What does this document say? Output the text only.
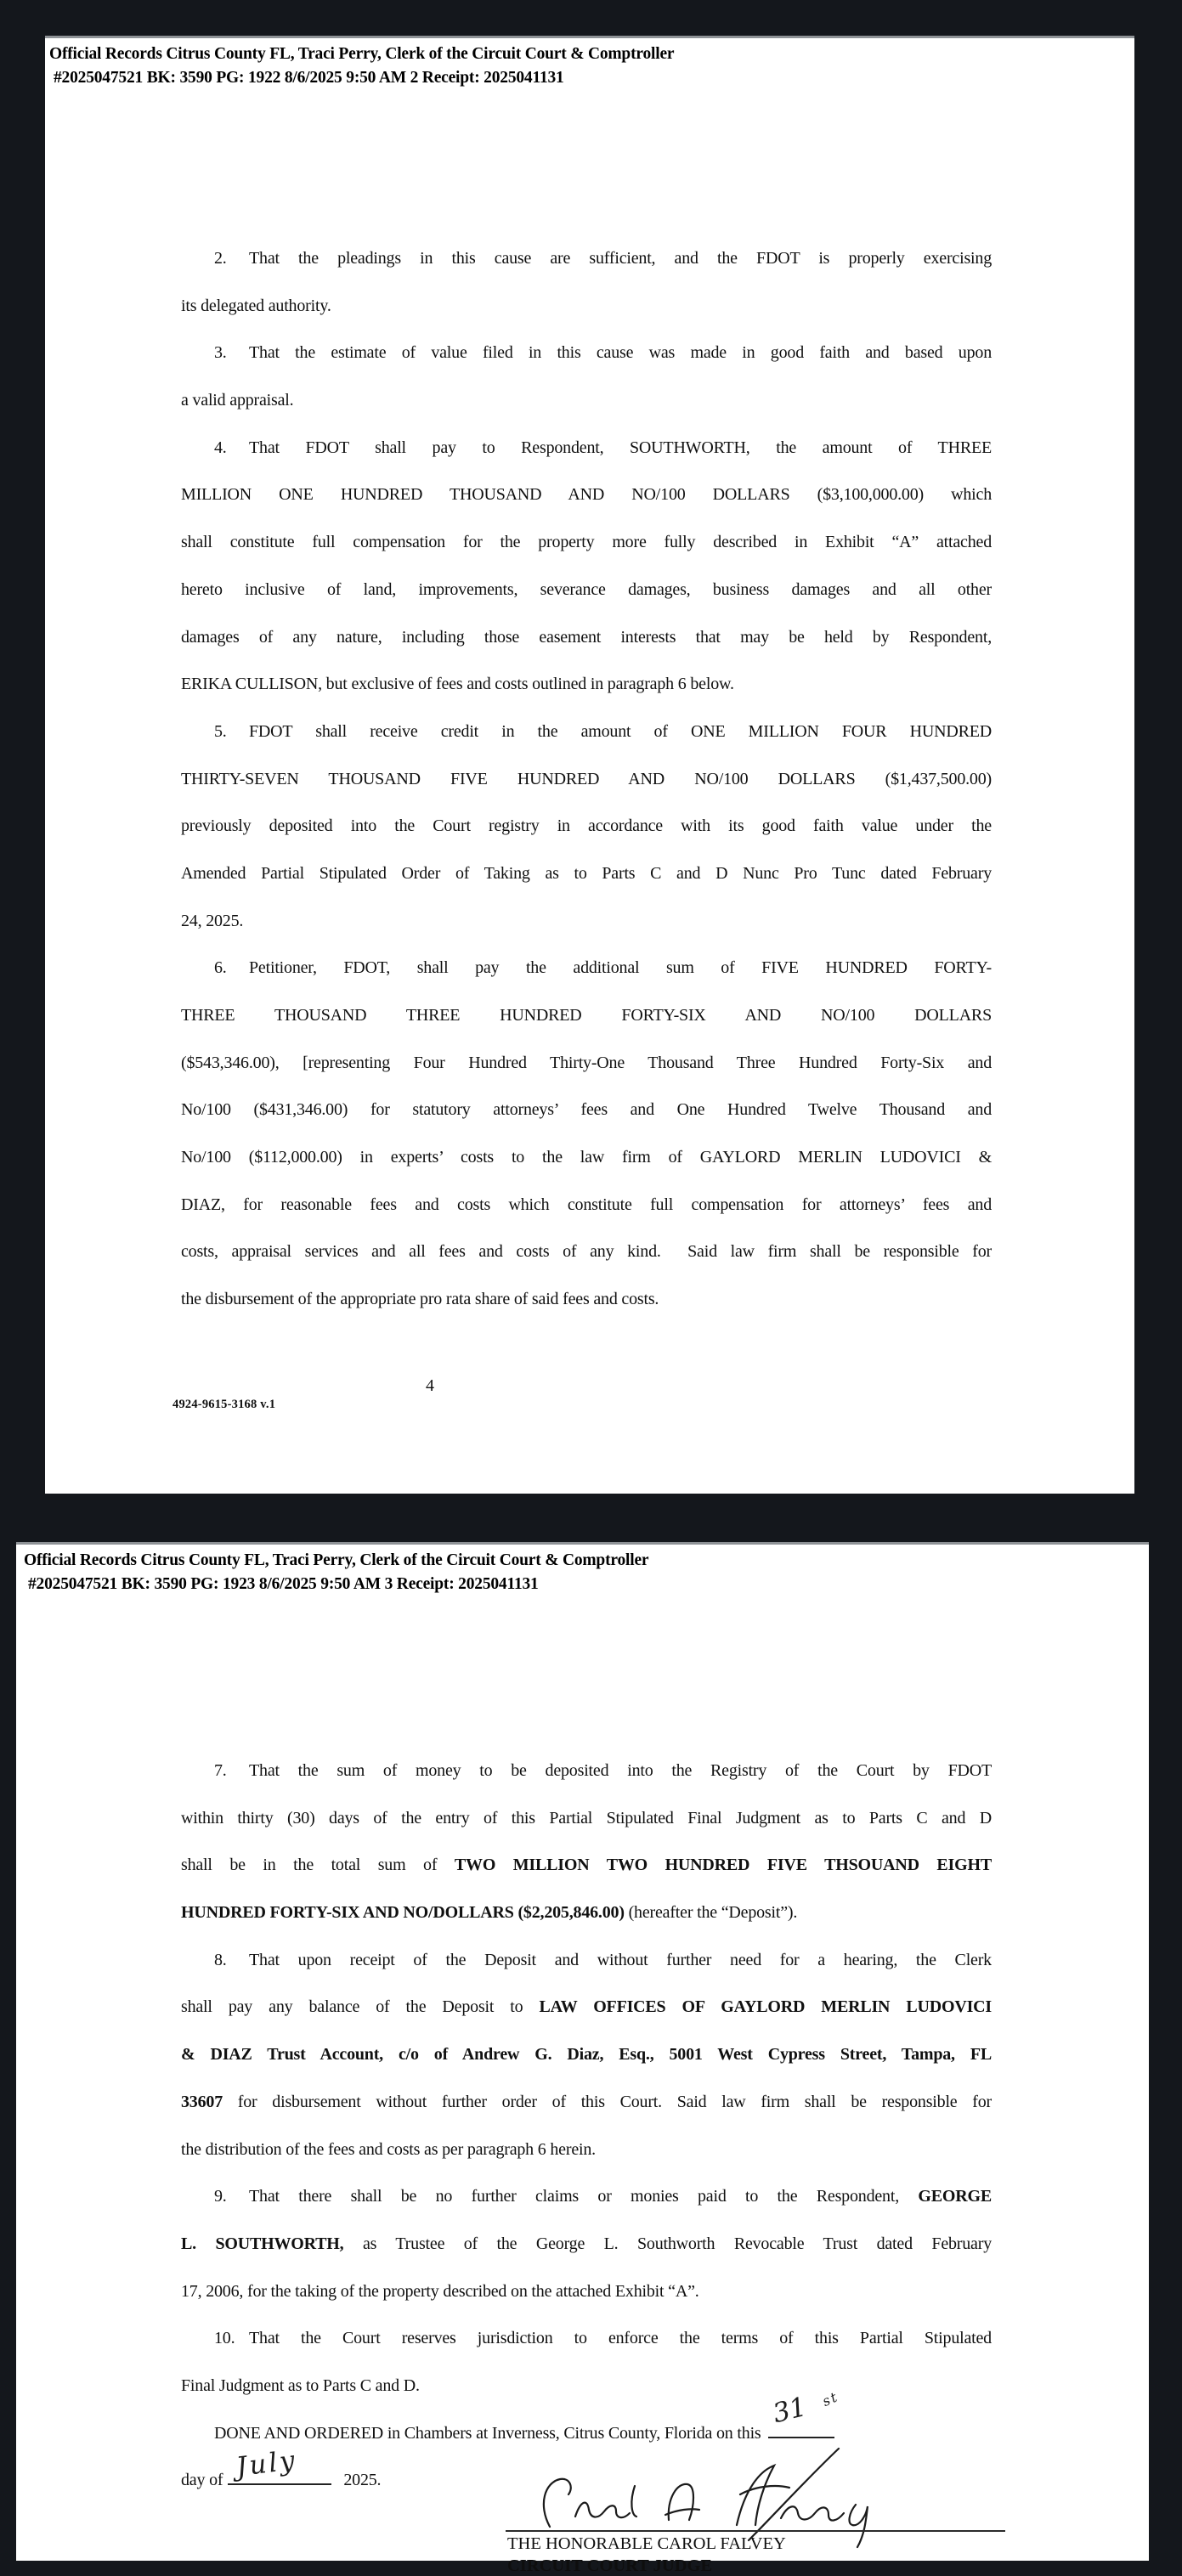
Official Records Citrus County FL, Traci Perry, Clerk of the Circuit Court & Comptroller
#2025047521 BK: 3590 PG: 1922 8/6/2025 9:50 AM 2 Receipt: 2025041131
2. That the pleadings in this cause are sufficient, and the FDOT is properly exercising
its delegated authority.
3. That the estimate of value filed in this cause was made in good faith and based upon
a valid appraisal.
4. That FDOT shall pay to Respondent, SOUTHWORTH, the amount of THREE
MILLION ONE HUNDRED THOUSAND AND NO/100 DOLLARS ($3,100,000.00) which
shall constitute full compensation for the property more fully described in Exhibit “A” attached
hereto inclusive of land, improvements, severance damages, business damages and all other
damages of any nature, including those easement interests that may be held by Respondent,
ERIKA CULLISON, but exclusive of fees and costs outlined in paragraph 6 below.
5. FDOT shall receive credit in the amount of ONE MILLION FOUR HUNDRED
THIRTY-SEVEN THOUSAND FIVE HUNDRED AND NO/100 DOLLARS ($1,437,500.00)
previously deposited into the Court registry in accordance with its good faith value under the
Amended Partial Stipulated Order of Taking as to Parts C and D Nunc Pro Tunc dated February
24, 2025.
6. Petitioner, FDOT, shall pay the additional sum of FIVE HUNDRED FORTY-
THREE THOUSAND THREE HUNDRED FORTY-SIX AND NO/100 DOLLARS
($543,346.00), [representing Four Hundred Thirty-One Thousand Three Hundred Forty-Six and
No/100 ($431,346.00) for statutory attorneys’ fees and One Hundred Twelve Thousand and
No/100 ($112,000.00) in experts’ costs to the law firm of GAYLORD MERLIN LUDOVICI &
DIAZ, for reasonable fees and costs which constitute full compensation for attorneys’ fees and
costs, appraisal services and all fees and costs of any kind.  Said law firm shall be responsible for
the disbursement of the appropriate pro rata share of said fees and costs.
4
4924-9615-3168 v.1
Official Records Citrus County FL, Traci Perry, Clerk of the Circuit Court & Comptroller
#2025047521 BK: 3590 PG: 1923 8/6/2025 9:50 AM 3 Receipt: 2025041131
7. That the sum of money to be deposited into the Registry of the Court by FDOT
within thirty (30) days of the entry of this Partial Stipulated Final Judgment as to Parts C and D
shall be in the total sum of TWO MILLION TWO HUNDRED FIVE THSOUAND EIGHT
HUNDRED FORTY-SIX AND NO/DOLLARS ($2,205,846.00) (hereafter the “Deposit”).
8. That upon receipt of the Deposit and without further need for a hearing, the Clerk
shall pay any balance of the Deposit to LAW OFFICES OF GAYLORD MERLIN LUDOVICI
& DIAZ Trust Account, c/o of Andrew G. Diaz, Esq., 5001 West Cypress Street, Tampa, FL
33607 for disbursement without further order of this Court. Said law firm shall be responsible for
the distribution of the fees and costs as per paragraph 6 herein.
9. That there shall be no further claims or monies paid to the Respondent, GEORGE
L. SOUTHWORTH, as Trustee of the George L. Southworth Revocable Trust dated February
17, 2006, for the taking of the property described on the attached Exhibit “A”.
10. That the Court reserves jurisdiction to enforce the terms of this Partial Stipulated
Final Judgment as to Parts C and D.
DONE AND ORDERED in Chambers at Inverness, Citrus County, Florida on this
31 st
day of July	2025.
THE HONORABLE CAROL FALVEY
CIRCUIT COURT JUDGE
